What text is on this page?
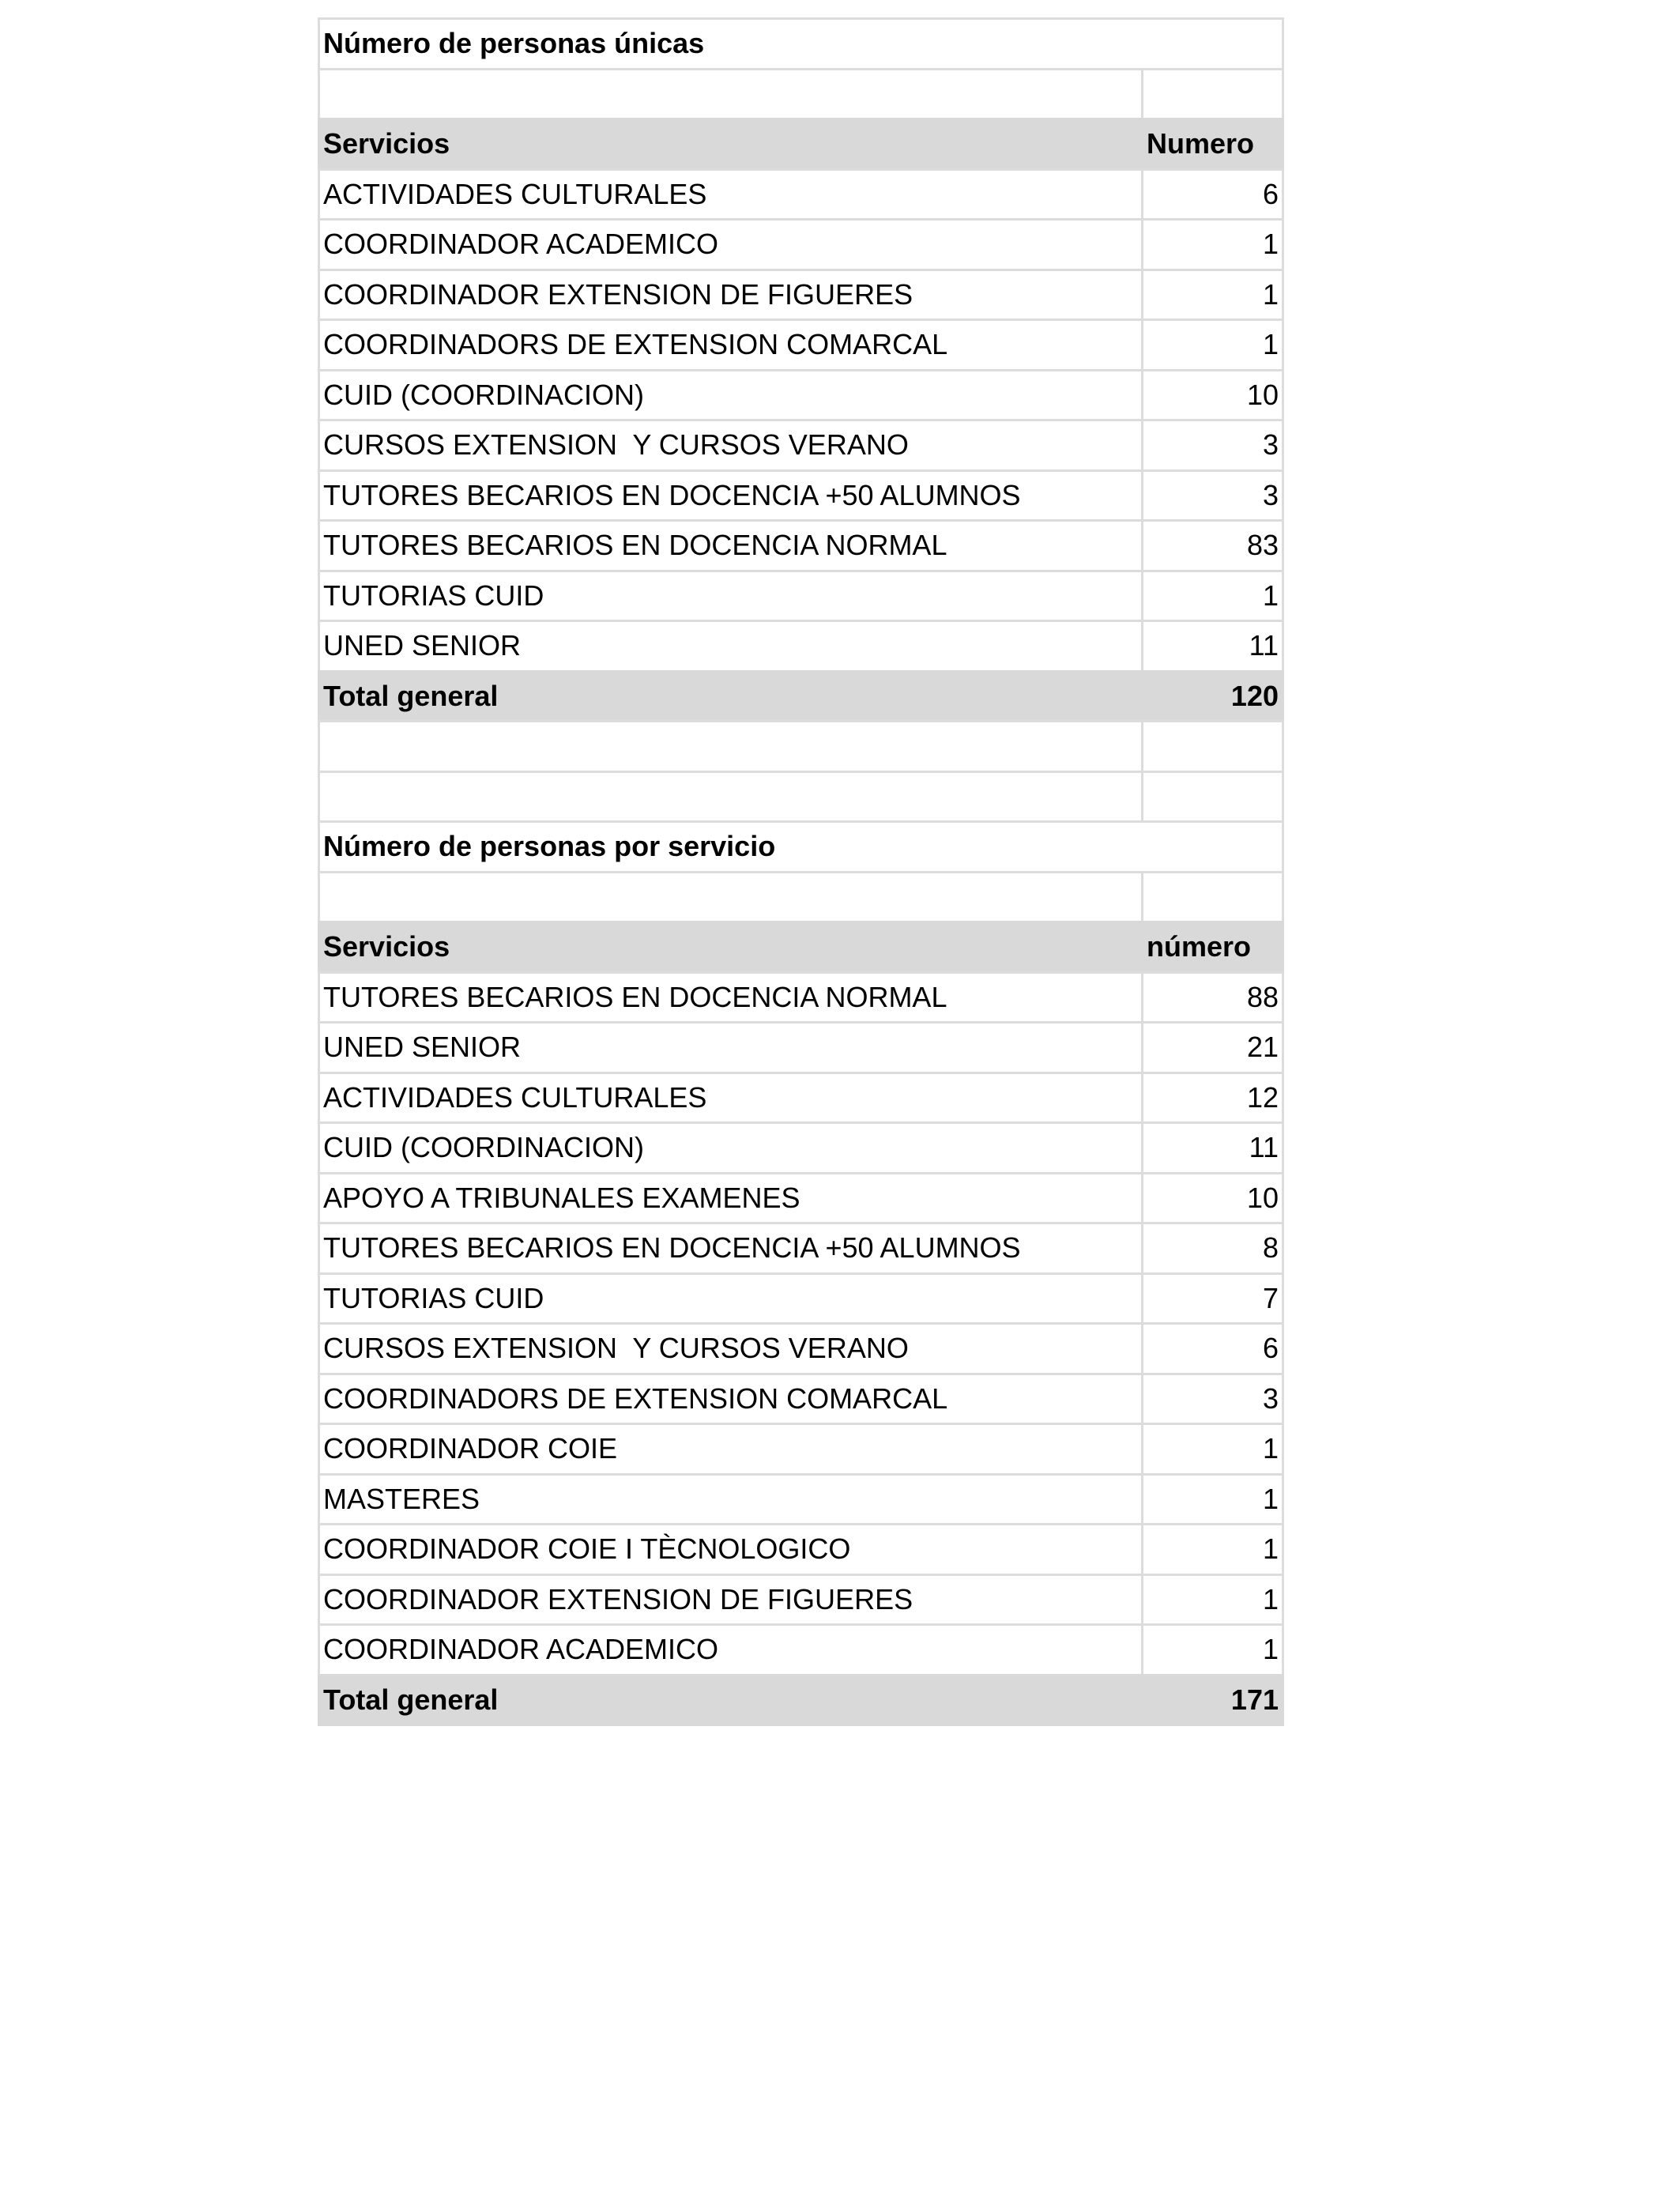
Número de personas únicas
Servicios	Numero
ACTIVIDADES CULTURALES	6
COORDINADOR ACADEMICO	1
COORDINADOR EXTENSION DE FIGUERES	1
COORDINADORS DE EXTENSION COMARCAL	1
CUID (COORDINACION)	10
CURSOS EXTENSION  Y CURSOS VERANO	3
TUTORES BECARIOS EN DOCENCIA +50 ALUMNOS	3
TUTORES BECARIOS EN DOCENCIA NORMAL	83
TUTORIAS CUID	1
UNED SENIOR	11
Total general	120
Número de personas por servicio
Servicios	número
TUTORES BECARIOS EN DOCENCIA NORMAL	88
UNED SENIOR	21
ACTIVIDADES CULTURALES	12
CUID (COORDINACION)	11
APOYO A TRIBUNALES EXAMENES	10
TUTORES BECARIOS EN DOCENCIA +50 ALUMNOS	8
TUTORIAS CUID	7
CURSOS EXTENSION  Y CURSOS VERANO	6
COORDINADORS DE EXTENSION COMARCAL	3
COORDINADOR COIE	1
MASTERES	1
COORDINADOR COIE I TÈCNOLOGICO	1
COORDINADOR EXTENSION DE FIGUERES	1
COORDINADOR ACADEMICO	1
Total general	171
